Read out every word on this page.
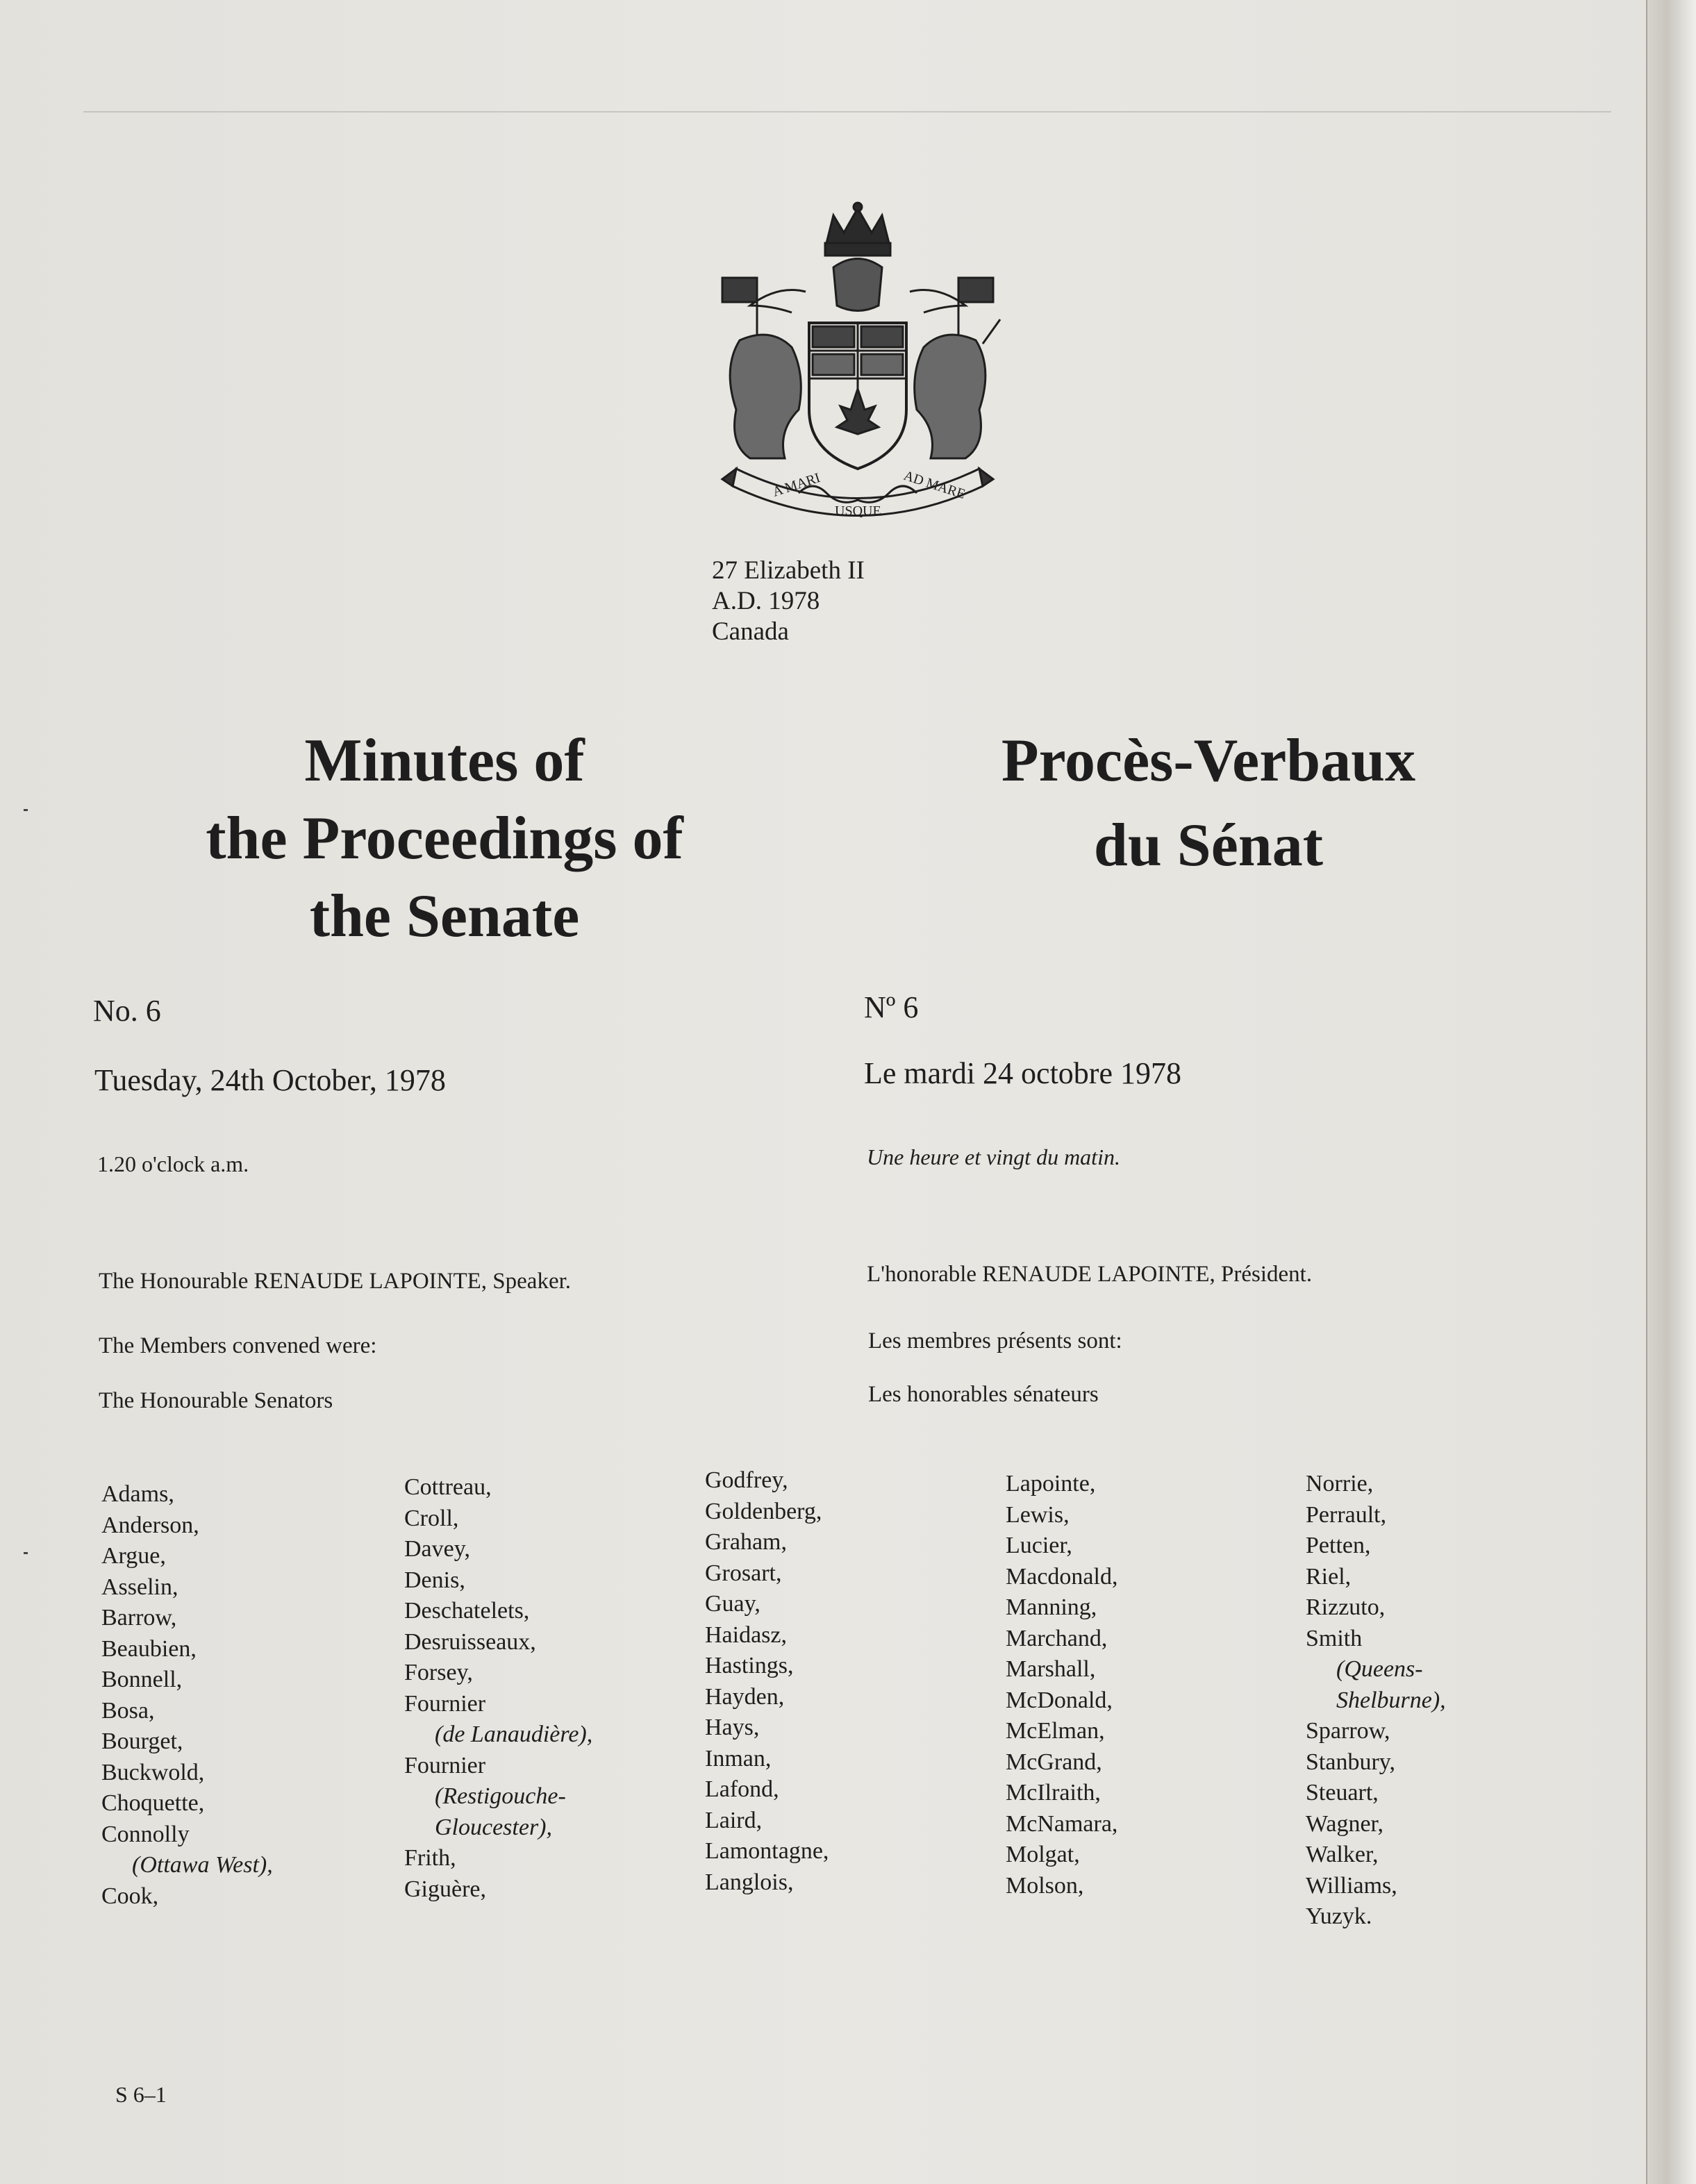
A MARI
USQUE
AD MARE
27 Elizabeth II
A.D. 1978
Canada
Minutes of
the Proceedings of
the Senate
Procès-Verbaux
du Sénat
No. 6
Tuesday, 24th October, 1978
1.20 o'clock a.m.
The Honourable RENAUDE LAPOINTE, Speaker.
The Members convened were:
The Honourable Senators
Nº 6
Le mardi 24 octobre 1978
Une heure et vingt du matin.
L'honorable RENAUDE LAPOINTE, Président.
Les membres présents sont:
Les honorables sénateurs
Adams,
Anderson,
Argue,
Asselin,
Barrow,
Beaubien,
Bonnell,
Bosa,
Bourget,
Buckwold,
Choquette,
Connolly
(Ottawa West),
Cook,
Cottreau,
Croll,
Davey,
Denis,
Deschatelets,
Desruisseaux,
Forsey,
Fournier
(de Lanaudière),
Fournier
(Restigouche-
Gloucester),
Frith,
Giguère,
Godfrey,
Goldenberg,
Graham,
Grosart,
Guay,
Haidasz,
Hastings,
Hayden,
Hays,
Inman,
Lafond,
Laird,
Lamontagne,
Langlois,
Lapointe,
Lewis,
Lucier,
Macdonald,
Manning,
Marchand,
Marshall,
McDonald,
McElman,
McGrand,
McIlraith,
McNamara,
Molgat,
Molson,
Norrie,
Perrault,
Petten,
Riel,
Rizzuto,
Smith
(Queens-
Shelburne),
Sparrow,
Stanbury,
Steuart,
Wagner,
Walker,
Williams,
Yuzyk.
S 6–1
